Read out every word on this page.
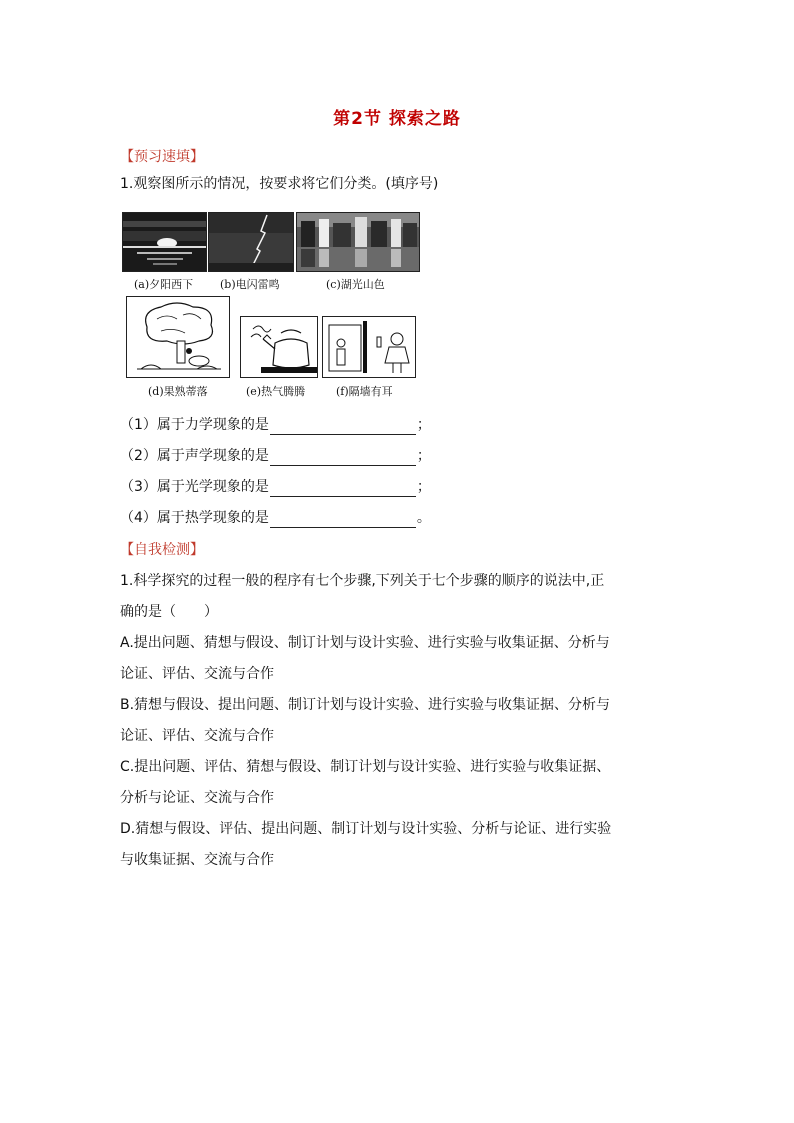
第2节 探索之路
【预习速填】
1.观察图所示的情况，按要求将它们分类。(填序号)
(a)夕阳西下 (b)电闪雷鸣	(c)湖光山色
(d)果熟蒂落	(e)热气腾腾	(f)隔墙有耳
（1）属于力学现象的是	；
（2）属于声学现象的是	；
（3）属于光学现象的是	；
（4）属于热学现象的是	。
【自我检测】
1.科学探究的过程一般的程序有七个步骤,下列关于七个步骤的顺序的说法中,正
确的是（　　）
A.提出问题、猜想与假设、制订计划与设计实验、进行实验与收集证据、分析与
论证、评估、交流与合作
B.猜想与假设、提出问题、制订计划与设计实验、进行实验与收集证据、分析与
论证、评估、交流与合作
C.提出问题、评估、猜想与假设、制订计划与设计实验、进行实验与收集证据、
分析与论证、交流与合作
D.猜想与假设、评估、提出问题、制订计划与设计实验、分析与论证、进行实验
与收集证据、交流与合作
